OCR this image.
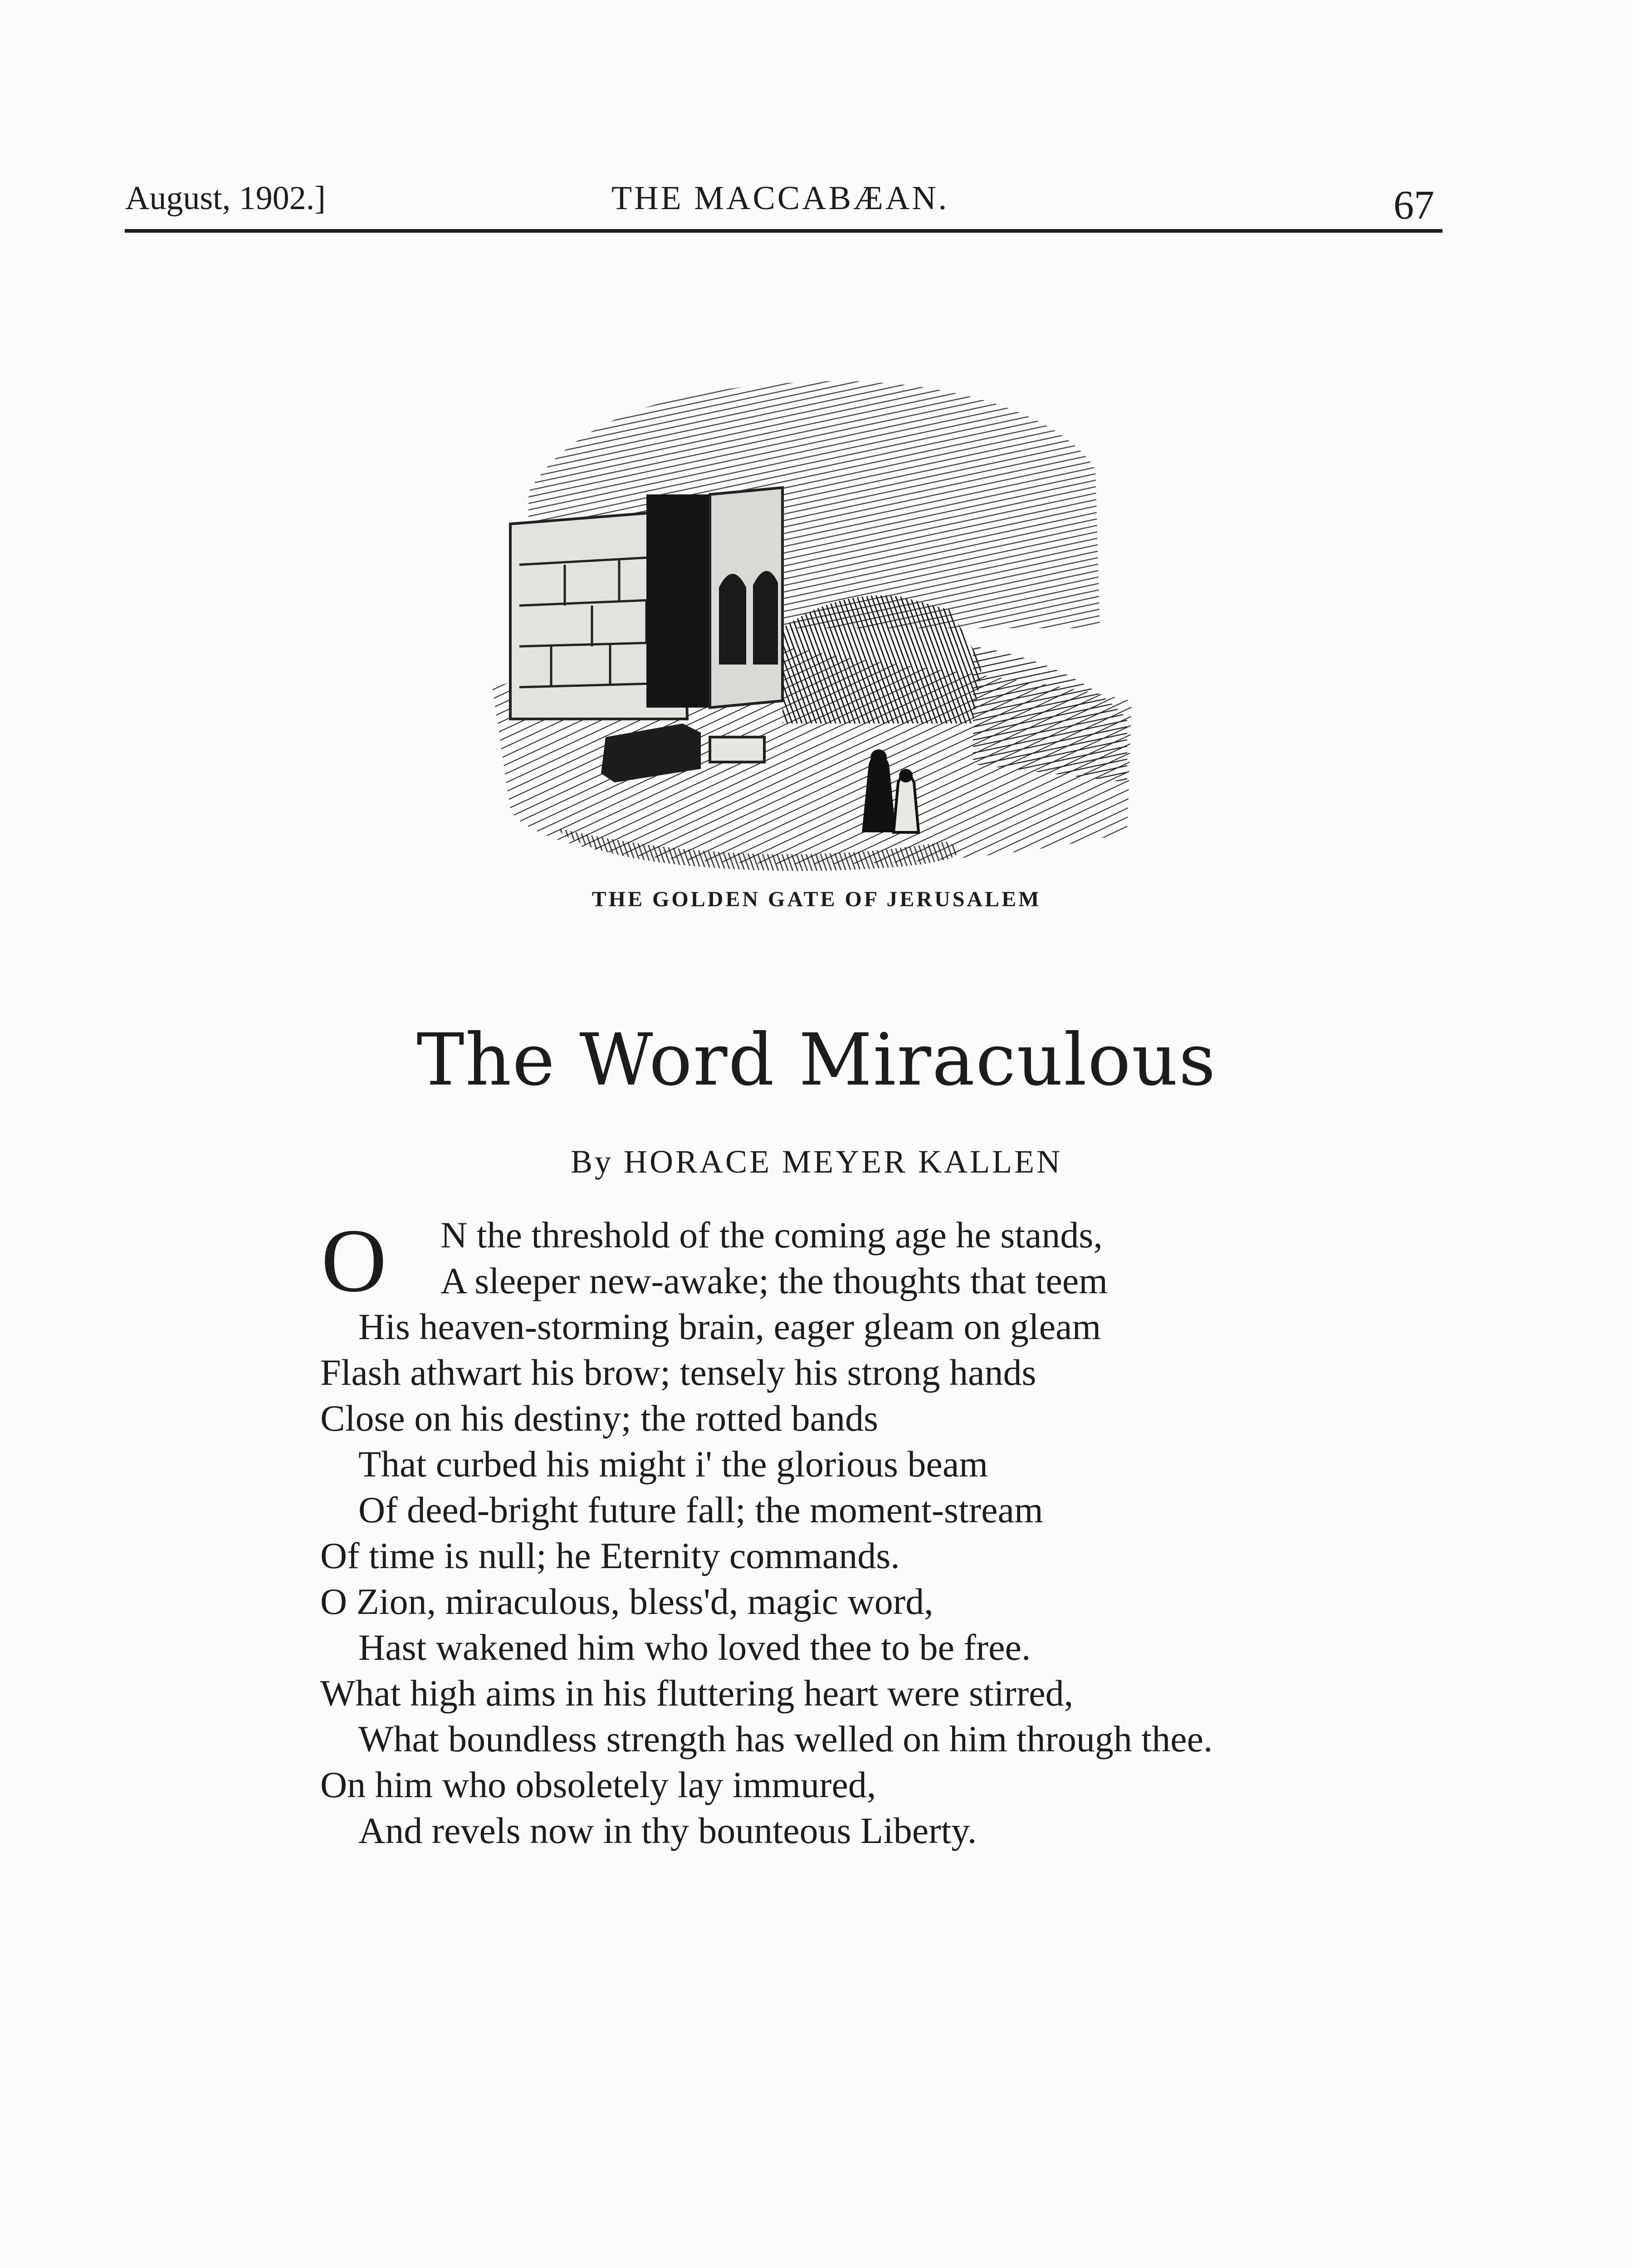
August, 1902.]	THE MACCABÆAN.	67
THE GOLDEN GATE OF JERUSALEM
The Word Miraculous
By HORACE MEYER KALLEN
O	N the threshold of the coming age he stands,
A sleeper new-awake; the thoughts that teem
His heaven-storming brain, eager gleam on gleam
Flash athwart his brow; tensely his strong hands
Close on his destiny; the rotted bands
That curbed his might i' the glorious beam
Of deed-bright future fall; the moment-stream
Of time is null; he Eternity commands.
O Zion, miraculous, bless'd, magic word,
Hast wakened him who loved thee to be free.
What high aims in his fluttering heart were stirred,
What boundless strength has welled on him through thee.
On him who obsoletely lay immured,
And revels now in thy bounteous Liberty.
